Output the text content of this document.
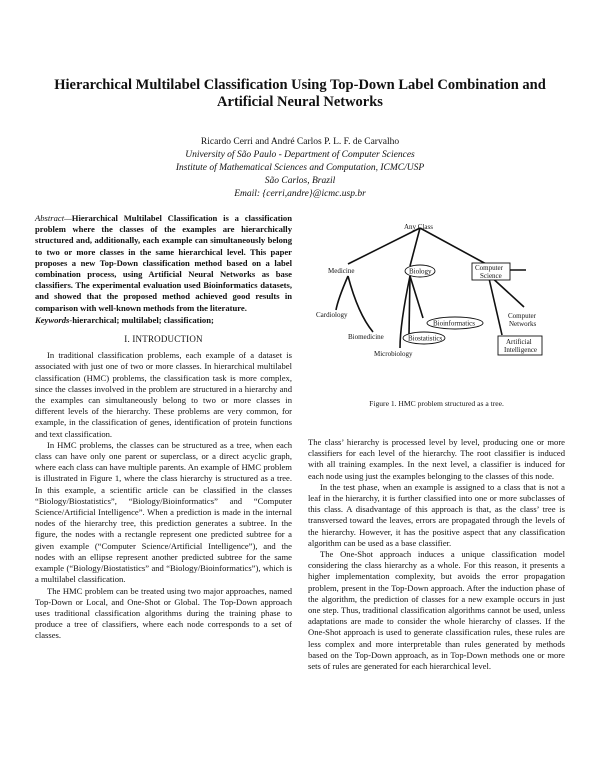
Hierarchical Multilabel Classification Using Top-Down Label Combination and Artificial Neural Networks
Ricardo Cerri and André Carlos P. L. F. de Carvalho
University of São Paulo - Department of Computer Sciences
Institute of Mathematical Sciences and Computation, ICMC/USP
São Carlos, Brazil
Email: {cerri,andre}@icmc.usp.br
Abstract—Hierarchical Multilabel Classification is a classification problem where the classes of the examples are hierarchically structured and, additionally, each example can simultaneously belong to two or more classes in the same hierarchical level. This paper proposes a new Top-Down classification method based on a label combination process, using Artificial Neural Networks as base classifiers. The experimental evaluation used Bioinformatics datasets, and showed that the proposed method achieved good results in comparison with well-known methods from the literature.
Keywords-hierarchical; multilabel; classification;
I. INTRODUCTION

In traditional classification problems, each example of a dataset is associated with just one of two or more classes. In hierarchical multilabel classification (HMC) problems, the classification task is more complex, since the classes involved in the problem are structured in a hierarchy and the examples can simultaneously belong to two or more classes in different levels of the hierarchy. These problems are very common, for example, in the classification of genes, identification of protein functions and text classification.

In HMC problems, the classes can be structured as a tree, when each class can have only one parent or superclass, or a direct acyclic graph, where each class can have multiple parents. An example of HMC problem is illustrated in Figure 1, where the class hierarchy is structured as a tree. In this example, a scientific article can be classified in the classes “Biology/Biostatistics”, “Biology/Bioinformatics” and “Computer Science/Artificial Intelligence”. When a prediction is made in the internal nodes of the hierarchy tree, this prediction generates a subtree. In the figure, the nodes with a rectangle represent one predicted subtree for a given example (“Computer Science/Artificial Intelligence”), and the nodes with an ellipse represent another predicted subtree for the same example (“Biology/Biostatistics” and “Biology/Bioinformatics”), which is a multilabel classification.

The HMC problem can be treated using two major approaches, named Top-Down or Local, and One-Shot or Global. The Top-Down approach uses traditional classification algorithms during the training phase to produce a tree of classifiers, where each node corresponds to a set of classes.

Any Class
Medicine	Biology	Computer
Science
Cardiology
Biomedicine
Bioinformatics
Biostatistics
Microbiology
Artificial
Intelligence
Computer
Networks
Figure 1. HMC problem structured as a tree.

The class’ hierarchy is processed level by level, producing one or more classifiers for each level of the hierarchy. The root classifier is induced with all training examples. In the next level, a classifier is induced for each node using just the examples belonging to the classes of this node.

In the test phase, when an example is assigned to a class that is not a leaf in the hierarchy, it is further classified into one or more subclasses of this class. A disadvantage of this approach is that, as the class’ tree is transversed toward the leaves, errors are propagated through the levels of the hierarchy. However, it has the positive aspect that any classification algorithm can be used as a base classifier.

The One-Shot approach induces a unique classification model considering the class hierarchy as a whole. For this reason, it presents a higher implementation complexity, but avoids the error propagation problem, present in the Top-Down approach. After the induction phase of the algorithm, the prediction of classes for a new example occurs in just one step. Thus, traditional classification algorithms cannot be used, unless adaptations are made to consider the whole hierarchy of classes. If the One-Shot approach is used to generate classification rules, these rules are less complex and more interpretable than rules generated by methods based on the Top-Down approach, as in Top-Down methods one or more sets of rules are generated for each hierarchical level.
